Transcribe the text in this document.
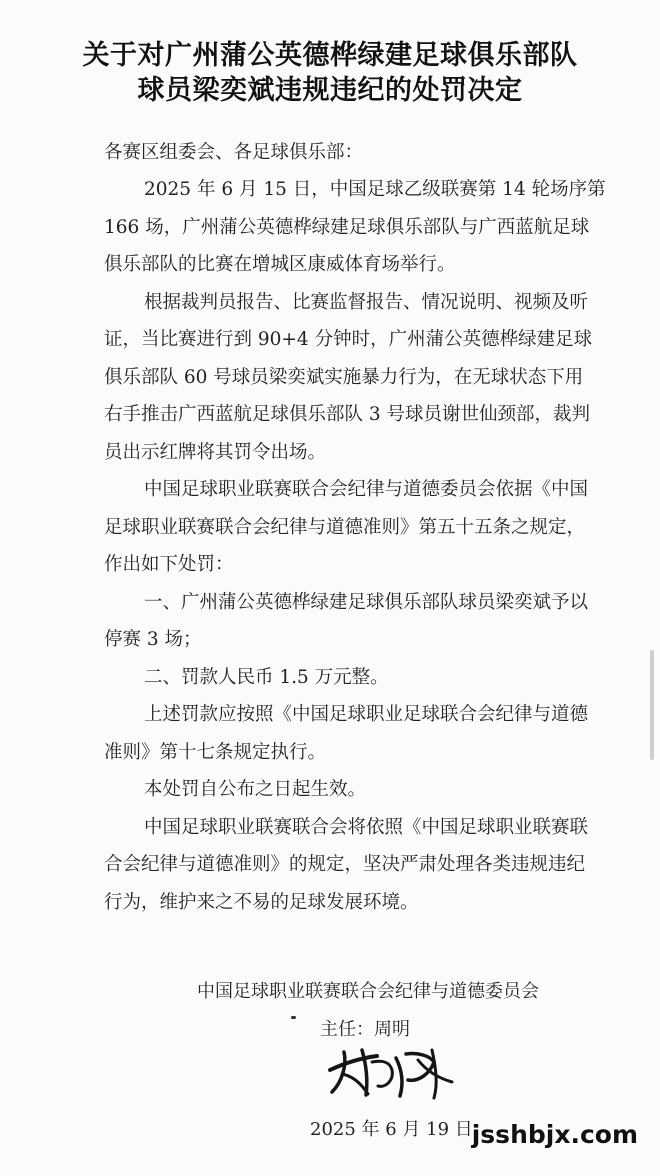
关于对广州蒲公英德桦绿建足球俱乐部队
球员梁奕斌违规违纪的处罚决定
各赛区组委会、各足球俱乐部：
2025 年 6 月 15 日，中国足球乙级联赛第 14 轮场序第
166 场，广州蒲公英德桦绿建足球俱乐部队与广西蓝航足球
俱乐部队的比赛在增城区康威体育场举行。
根据裁判员报告、比赛监督报告、情况说明、视频及听
证，当比赛进行到 90+4 分钟时，广州蒲公英德桦绿建足球
俱乐部队 60 号球员梁奕斌实施暴力行为，在无球状态下用
右手推击广西蓝航足球俱乐部队 3 号球员谢世仙颈部，裁判
员出示红牌将其罚令出场。
中国足球职业联赛联合会纪律与道德委员会依据《中国
足球职业联赛联合会纪律与道德准则》第五十五条之规定，
作出如下处罚：
一、广州蒲公英德桦绿建足球俱乐部队球员梁奕斌予以
停赛 3 场；
二、罚款人民币 1.5 万元整。
上述罚款应按照《中国足球职业足球联合会纪律与道德
准则》第十七条规定执行。
本处罚自公布之日起生效。
中国足球职业联赛联合会将依照《中国足球职业联赛联
合会纪律与道德准则》的规定，坚决严肃处理各类违规违纪
行为，维护来之不易的足球发展环境。
中国足球职业联赛联合会纪律与道德委员会
主任：周明
2025 年 6 月 19 日
jsshbjx.com
